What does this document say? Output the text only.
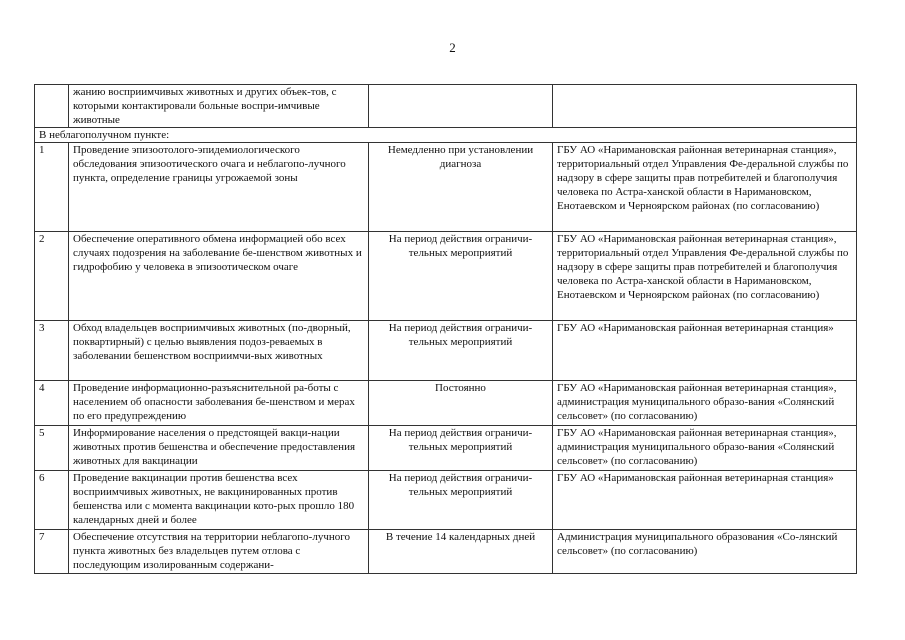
2
	жанию восприимчивых животных и других объек-тов, с которыми контактировали больные воспри-имчивые животные		
В неблагополучном пункте:			
1	Проведение эпизоотолого-эпидемиологического обследования эпизоотического очага и неблагопо-лучного пункта, определение границы угрожаемой зоны	Немедленно при установлении диагноза	ГБУ АО «Наримановская районная ветеринарная станция», территориальный отдел Управления Фе-деральной службы по надзору в сфере защиты прав потребителей и благополучия человека по Астра-ханской области в Наримановском, Енотаевском и Черноярском районах (по согласованию)
2	Обеспечение оперативного обмена информацией обо всех случаях подозрения на заболевание бе-шенством животных и гидрофобию у человека в эпизоотическом очаге	На период действия ограничи-тельных мероприятий	ГБУ АО «Наримановская районная ветеринарная станция», территориальный отдел Управления Фе-деральной службы по надзору в сфере защиты прав потребителей и благополучия человека по Астра-ханской области в Наримановском, Енотаевском и Черноярском районах (по согласованию)
3	Обход владельцев восприимчивых животных (по-дворный, поквартирный) с целью выявления подоз-реваемых в заболевании бешенством восприимчи-вых животных	На период действия ограничи-тельных мероприятий	ГБУ АО «Наримановская районная ветеринарная станция»
4	Проведение информационно-разъяснительной ра-боты с населением об опасности заболевания бе-шенством и мерах по его предупреждению	Постоянно	ГБУ АО «Наримановская районная ветеринарная станция», администрация муниципального образо-вания «Солянский сельсовет» (по согласованию)
5	Информирование населения о предстоящей вакци-нации животных против бешенства и обеспечение предоставления животных для вакцинации	На период действия ограничи-тельных мероприятий	ГБУ АО «Наримановская районная ветеринарная станция», администрация муниципального образо-вания «Солянский сельсовет» (по согласованию)
6	Проведение вакцинации против бешенства всех восприимчивых животных, не вакцинированных против бешенства или с момента вакцинации кото-рых прошло 180 календарных дней и более	На период действия ограничи-тельных мероприятий	ГБУ АО «Наримановская районная ветеринарная станция»
7	Обеспечение отсутствия на территории неблагопо-лучного пункта животных без владельцев путем отлова с последующим изолированным содержани-	В течение 14 календарных дней	Администрация муниципального образования «Со-лянский сельсовет» (по согласованию)
